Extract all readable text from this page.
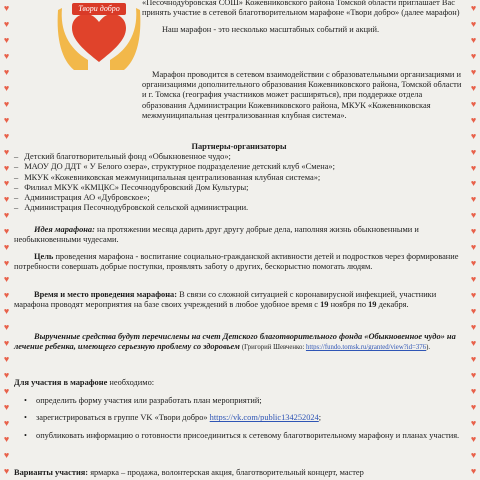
♥
♥
♥
♥
♥
♥
♥
♥
♥
♥
♥
♥
♥
♥
♥
♥
♥
♥
♥
♥
♥
♥
♥
♥
♥
♥
♥
♥
♥
♥
♥
♥
♥
♥
♥
♥
♥
♥
♥
♥
♥
♥
♥
♥
♥
♥
♥
♥
♥
♥
♥
♥
♥
♥
♥
♥
♥
♥
♥
♥
Твори добро

«Песочнодубровская СОШ» Кожевниковского района Томской области приглашает Вас принять участие в сетевой благотворительном марафоне «Твори добро» (далее марафон)

Наш марафон - это несколько масштабных событий и акций.

Марафон проводится в сетевом взаимодействии с образовательными организациями и организациями дополнительного образования Кожевниковского района, Томской области и г. Томска (география участников может расширяться), при поддержке отдела образования Администрации Кожевниковского района, МКУК «Кожевниковская межмуниципальная централизованная клубная система».

Партнеры-организаторы

– Детский благотворительный фонд «Обыкновенное чудо»;
– МАОУ ДО ДДТ « У Белого озера», структурное подразделение детский клуб «Смена»;
– МКУК «Кожевниковская межмуниципальная централизованная клубная система»;
– Филиал МКУК «КМЦКС» Песочнодубровский Дом Культуры;
– Администрация АО «Дубровское»;
– Администрация Песочнодубровской сельской администрации.

Идея марафона: на протяжении месяца дарить друг другу добрые дела, наполняя жизнь обыкновенными и необыкновенными чудесами.

Цель проведения марафона - воспитание социально-гражданской активности детей и подростков через формирование потребности совершать добрые поступки, проявлять заботу о других, бескорыстно помогать людям.

Время и место проведения марафона: В связи со сложной ситуацией с коронавирусной инфекцией, участники марафона проводят мероприятия на базе своих учреждений в любое удобное время с 19 ноября по 19 декабря.

Вырученные средства будут перечислены на счет Детского благотворительного фонда «Обыкновенное чудо» на лечение ребенка, имеющего серьезную проблему со здоровьем (Григорий Шевченко: https://fundo.tomsk.ru/granted/view?id=376).

Для участия в марафоне необходимо:

• определить форму участия или разработать план мероприятий;
• зарегистрироваться в группе VK «Твори добро» https://vk.com/public134252024;
• опубликовать информацию о готовности присоединиться к сетевому благотворительному марафону и планах участия.

Варианты участия: ярмарка – продажа, волонтерская акция, благотворительный концерт, мастер
